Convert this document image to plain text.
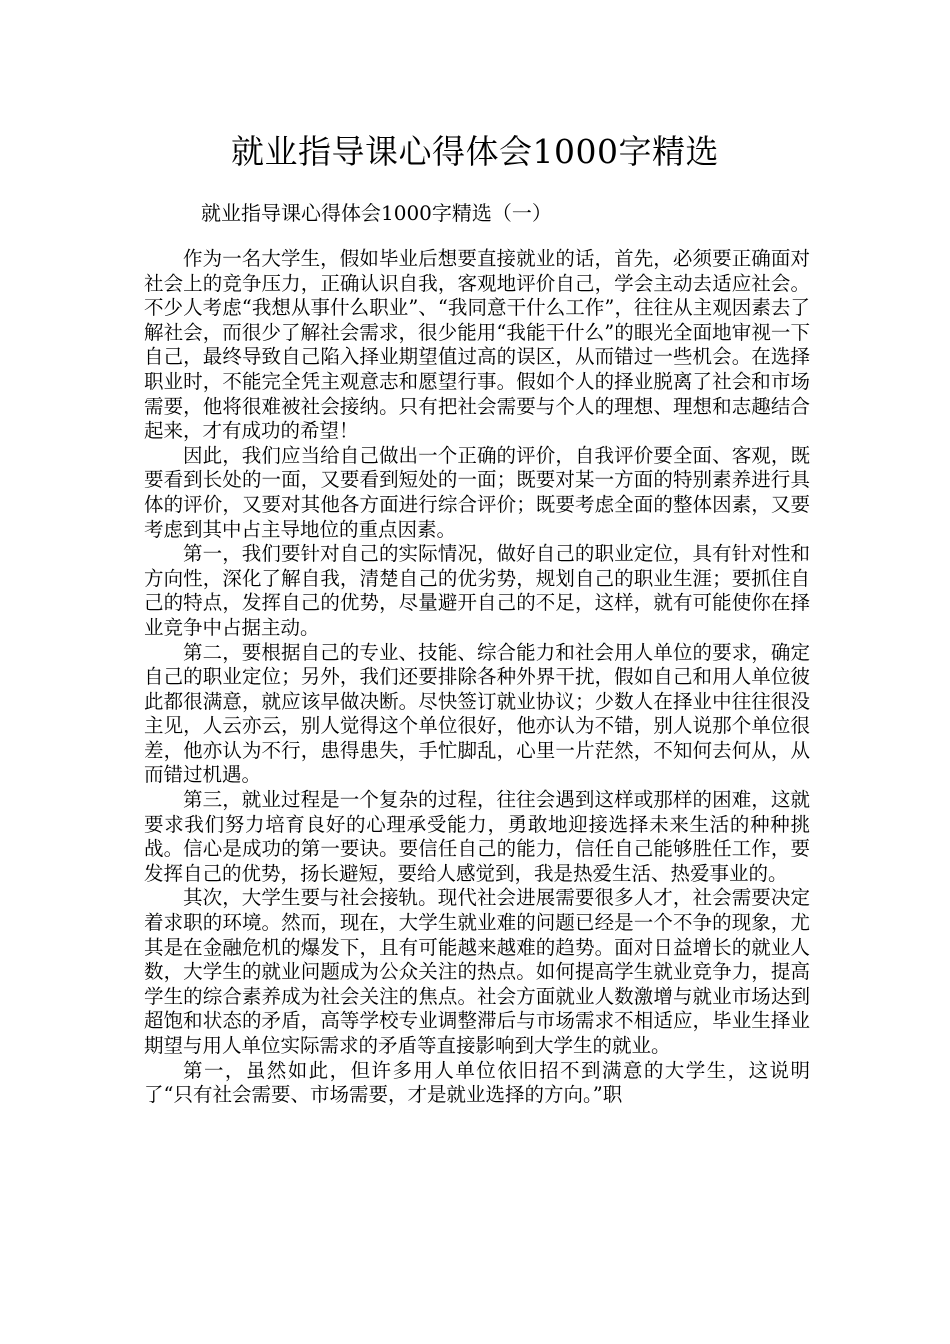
就业指导课心得体会1000字精选
就业指导课心得体会1000字精选（一）

作为一名大学生，假如毕业后想要直接就业的话，首先，必须要正确面对社会上的竞争压力，正确认识自我，客观地评价自己，学会主动去适应社会。不少人考虑“我想从事什么职业”、“我同意干什么工作”，往往从主观因素去了解社会，而很少了解社会需求，很少能用“我能干什么”的眼光全面地审视一下自己，最终导致自己陷入择业期望值过高的误区，从而错过一些机会。在选择职业时，不能完全凭主观意志和愿望行事。假如个人的择业脱离了社会和市场需要，他将很难被社会接纳。只有把社会需要与个人的理想、理想和志趣结合起来，才有成功的希望！

因此，我们应当给自己做出一个正确的评价，自我评价要全面、客观，既要看到长处的一面，又要看到短处的一面；既要对某一方面的特别素养进行具体的评价，又要对其他各方面进行综合评价；既要考虑全面的整体因素，又要考虑到其中占主导地位的重点因素。

第一，我们要针对自己的实际情况，做好自己的职业定位，具有针对性和方向性，深化了解自我，清楚自己的优劣势，规划自己的职业生涯；要抓住自己的特点，发挥自己的优势，尽量避开自己的不足，这样，就有可能使你在择业竞争中占据主动。

第二，要根据自己的专业、技能、综合能力和社会用人单位的要求，确定自己的职业定位；另外，我们还要排除各种外界干扰，假如自己和用人单位彼此都很满意，就应该早做决断。尽快签订就业协议；少数人在择业中往往很没主见，人云亦云，别人觉得这个单位很好，他亦认为不错，别人说那个单位很差，他亦认为不行，患得患失，手忙脚乱，心里一片茫然，不知何去何从，从而错过机遇。

第三，就业过程是一个复杂的过程，往往会遇到这样或那样的困难，这就要求我们努力培育良好的心理承受能力，勇敢地迎接选择未来生活的种种挑战。信心是成功的第一要诀。要信任自己的能力，信任自己能够胜任工作，要发挥自己的优势，扬长避短，要给人感觉到，我是热爱生活、热爱事业的。

其次，大学生要与社会接轨。现代社会进展需要很多人才，社会需要决定着求职的环境。然而，现在，大学生就业难的问题已经是一个不争的现象，尤其是在金融危机的爆发下，且有可能越来越难的趋势。面对日益增长的就业人数，大学生的就业问题成为公众关注的热点。如何提高学生就业竞争力，提高学生的综合素养成为社会关注的焦点。社会方面就业人数激增与就业市场达到超饱和状态的矛盾，高等学校专业调整滞后与市场需求不相适应，毕业生择业期望与用人单位实际需求的矛盾等直接影响到大学生的就业。

第一，虽然如此，但许多用人单位依旧招不到满意的大学生，这说明了“只有社会需要、市场需要，才是就业选择的方向。”职
